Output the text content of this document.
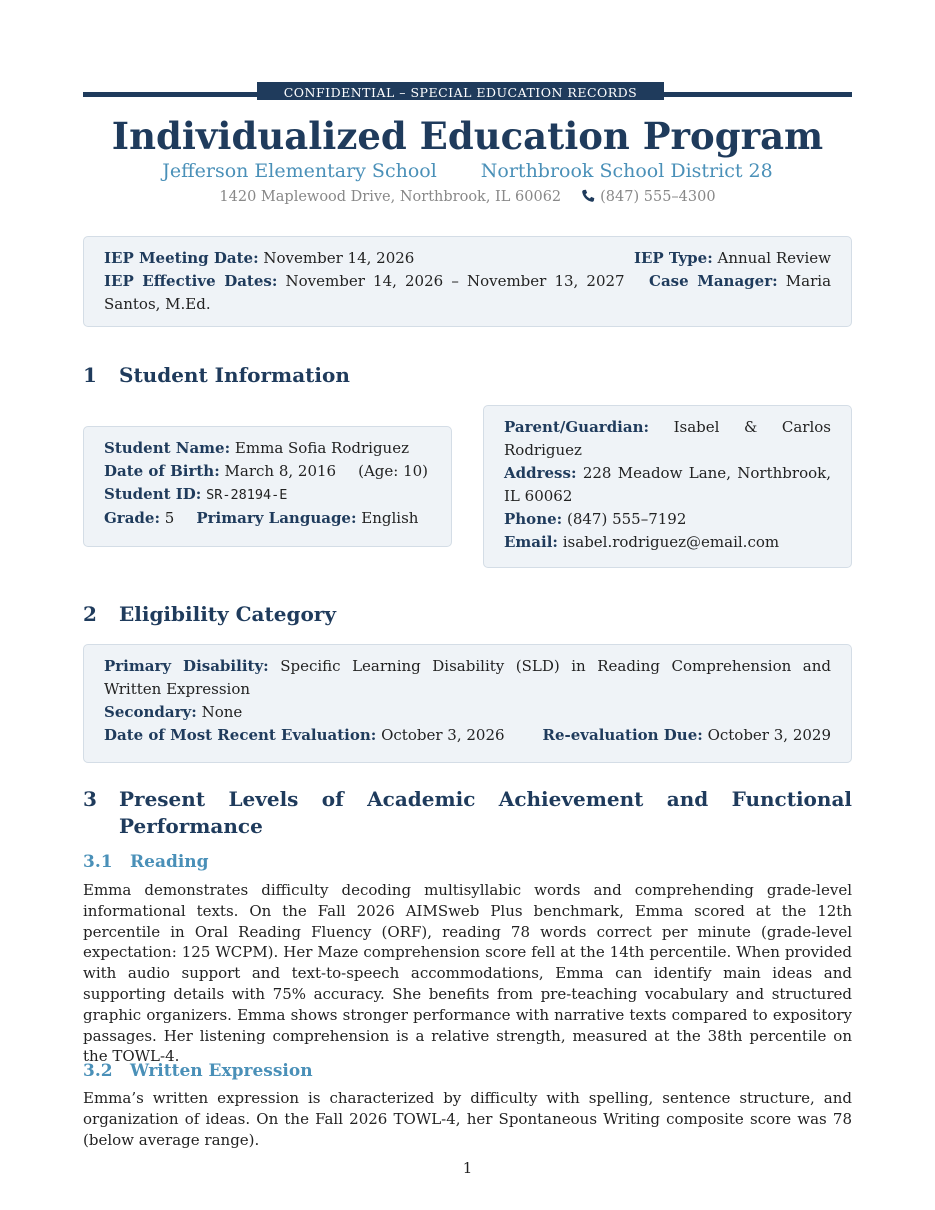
CONFIDENTIAL – SPECIAL EDUCATION RECORDS
Individualized Education Program
Jefferson Elementary School Northbrook School District 28
1420 Maplewood Drive, Northbrook, IL 60062	(847) 555–4300
IEP Meeting Date: November 14, 2026	IEP Type: Annual Review
IEP Effective Dates: November 14, 2026 – November 13, 2027 Case Manager: Maria Santos, M.Ed.
1 Student Information
Student Name: Emma Sofia Rodriguez
Date of Birth: March 8, 2016 (Age: 10)
Student ID: SR-28194-E
Grade: 5 Primary Language: English
Parent/Guardian: Isabel & Carlos Rodriguez
Address: 228 Meadow Lane, Northbrook, IL 60062
Phone: (847) 555–7192
Email: isabel.rodriguez@email.com
2 Eligibility Category
Primary Disability: Specific Learning Disability (SLD) in Reading Comprehension and Written Expression
Secondary: None
Date of Most Recent Evaluation: October 3, 2026	Re-evaluation Due: October 3, 2029
3	Present Levels of Academic Achievement and Functional Performance
3.1 Reading
Emma demonstrates difficulty decoding multisyllabic words and comprehending grade-level informational texts. On the Fall 2026 AIMSweb Plus benchmark, Emma scored at the 12th percentile in Oral Reading Fluency (ORF), reading 78 words correct per minute (grade-level expectation: 125 WCPM). Her Maze comprehension score fell at the 14th percentile. When provided with audio support and text-to-speech accommodations, Emma can identify main ideas and supporting details with 75% accuracy. She benefits from pre-teaching vocabulary and structured graphic organizers. Emma shows stronger performance with narrative texts compared to expository passages. Her listening comprehension is a relative strength, measured at the 38th percentile on the TOWL-4.
3.2 Written Expression
Emma’s written expression is characterized by difficulty with spelling, sentence structure, and organization of ideas. On the Fall 2026 TOWL-4, her Spontaneous Writing composite score was 78 (below average range).
1
